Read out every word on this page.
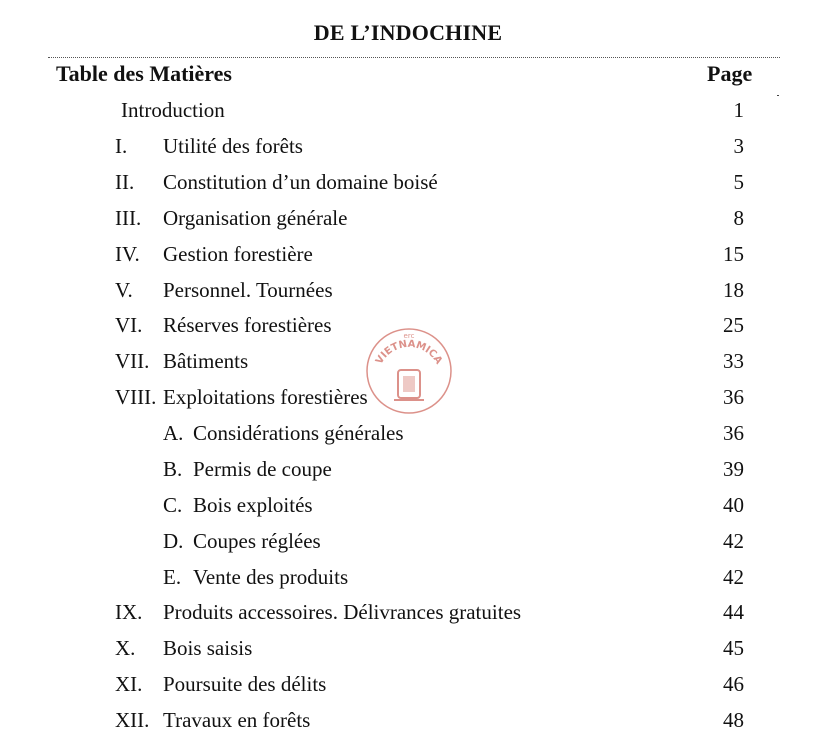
DE L’INDOCHINE
Table des Matières	Page
Introduction	1
I. Utilité des forêts	3
II. Constitution d’un domaine boisé	5
III. Organisation générale	8
IV. Gestion forestière	15
V. Personnel. Tournées	18
VI. Réserves forestières	25
VII. Bâtiments	33
VIII. Exploitations forestières	36
A. Considérations générales	36
B. Permis de coupe	39
C. Bois exploités	40
D. Coupes réglées	42
E. Vente des produits	42
IX. Produits accessoires. Délivrances gratuites	44
X. Bois saisis	45
XI. Poursuite des délits	46
XII. Travaux en forêts	48
VIETNAMICA
erc
